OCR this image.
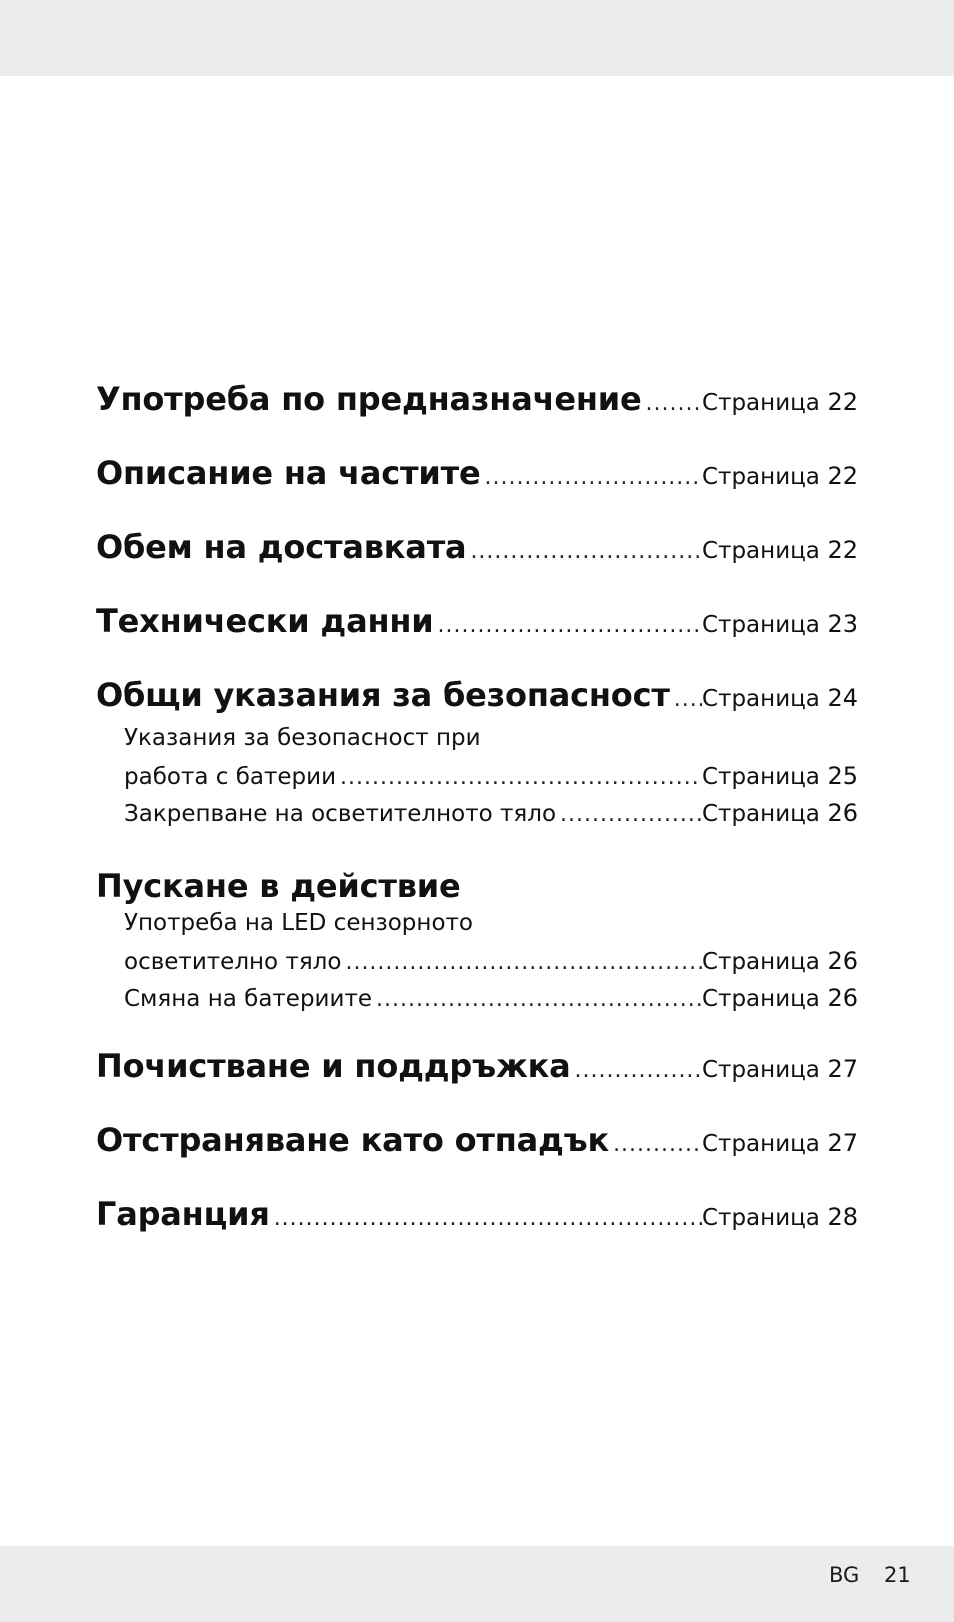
Употреба по предназначение .....	Страница 22
Описание на частите .....	Страница 22
Обем на доставката .....	Страница 22
Технически данни .....	Страница 23
Общи указания за безопасност ..... Страница 24
Указания за безопасност при
работа с батерии .....	Страница 25
Закрепване на осветителното тяло .....	Страница 26
Пускане в действие
Употреба на LED сензорното
осветително тяло .....	Страница 26
Смяна на батериите .....	Страница 26
Почистване и поддръжка .....	Страница 27
Отстраняване като отпадък .....	Страница 27
Гаранция .....	Страница 28
BG 21
